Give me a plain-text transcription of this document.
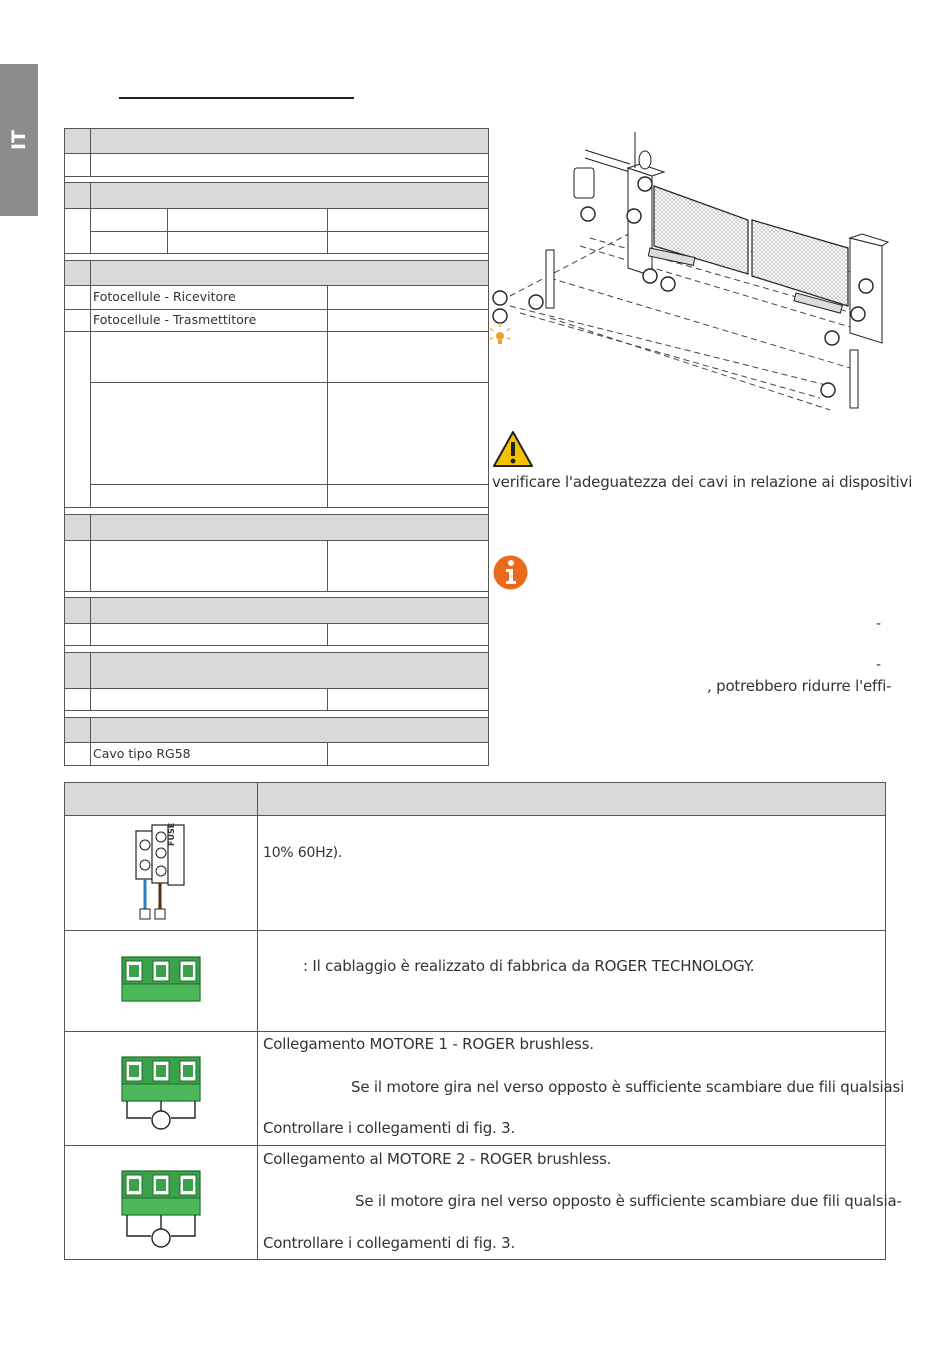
IT
Fotocellule - Ricevitore
Fotocellule - Trasmettitore
Cavo tipo RG58
verificare l'adeguatezza dei cavi in relazione ai dispositivi
-
-
, potrebbero ridurre l'effi-
FUSE
10% 60Hz).
: Il cablaggio è realizzato di fabbrica da ROGER TECHNOLOGY.
Collegamento MOTORE 1 - ROGER brushless.
Se il motore gira nel verso opposto è sufficiente scambiare due fili qualsiasi
Controllare i collegamenti di fig. 3.
Collegamento al MOTORE 2 - ROGER brushless.
Se il motore gira nel verso opposto è sufficiente scambiare due fili qualsia-
Controllare i collegamenti di fig. 3.
